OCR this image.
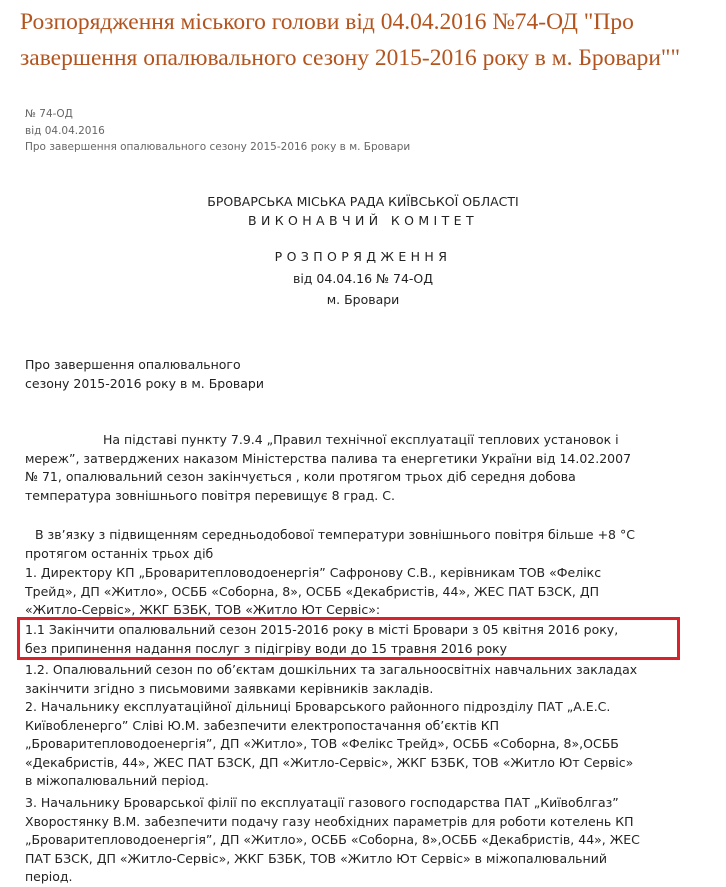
Розпорядження міського голови від 04.04.2016 №74-ОД "Про завершення опалювального сезону 2015-2016 року в м. Бровари""
№ 74-ОД
від 04.04.2016
Про завершення опалювального сезону 2015-2016 року в м. Бровари
БРОВАРСЬКА МІСЬКА РАДА КИЇВСЬКОЇ ОБЛАСТІ
ВИКОНАВЧИЙ КОМІТЕТ
РОЗПОРЯДЖЕННЯ
від 04.04.16 № 74-ОД
м. Бровари
Про завершення опалювального
сезону 2015-2016 року в м. Бровари
На підставі пункту 7.9.4 „Правил технічної експлуатації теплових установок і
мереж”, затверджених наказом Міністерства палива та енергетики України від 14.02.2007
№ 71, опалювальний сезон закінчується , коли протягом трьох діб середня добова
температура зовнішнього повітря перевищує 8 град. С.
В зв’язку з підвищенням середньодобової температури зовнішнього повітря більше +8 °С
протягом останніх трьох діб
1. Директору КП „Броваритепловодоенергія” Сафронову С.В., керівникам ТОВ «Фелікс
Трейд», ДП «Житло», ОСББ «Соборна, 8», ОСББ «Декабристів, 44», ЖЕС ПАТ БЗСК, ДП
«Житло-Сервіс», ЖКГ БЗБК, ТОВ «Житло Ют Сервіс»:
1.1 Закінчити опалювальний сезон 2015-2016 року в місті Бровари з 05 квітня 2016 року,
без припинення надання послуг з підігріву води до 15 травня 2016 року
1.2. Опалювальний сезон по об’єктам дошкільних та загальноосвітніх навчальних закладах
закінчити згідно з письмовими заявками керівників закладів.
2. Начальнику експлуатаційної дільниці Броварського районного підрозділу ПАТ „А.Е.С.
Київобленерго” Сліві Ю.М. забезпечити електропостачання об’єктів КП
„Броваритепловодоенергія”, ДП «Житло», ТОВ «Фелікс Трейд», ОСББ «Соборна, 8»,ОСББ
«Декабристів, 44», ЖЕС ПАТ БЗСК, ДП «Житло-Сервіс», ЖКГ БЗБК, ТОВ «Житло Ют Сервіс»
в міжопалювальний період.
3. Начальнику Броварської філії по експлуатації газового господарства ПАТ „Київоблгаз”
Хворостянку В.М. забезпечити подачу газу необхідних параметрів для роботи котелень КП
„Броваритепловодоенергія”, ДП «Житло», ОСББ «Соборна, 8»,ОСББ «Декабристів, 44», ЖЕС
ПАТ БЗСК, ДП «Житло-Сервіс», ЖКГ БЗБК, ТОВ «Житло Ют Сервіс» в міжопалювальний
період.
